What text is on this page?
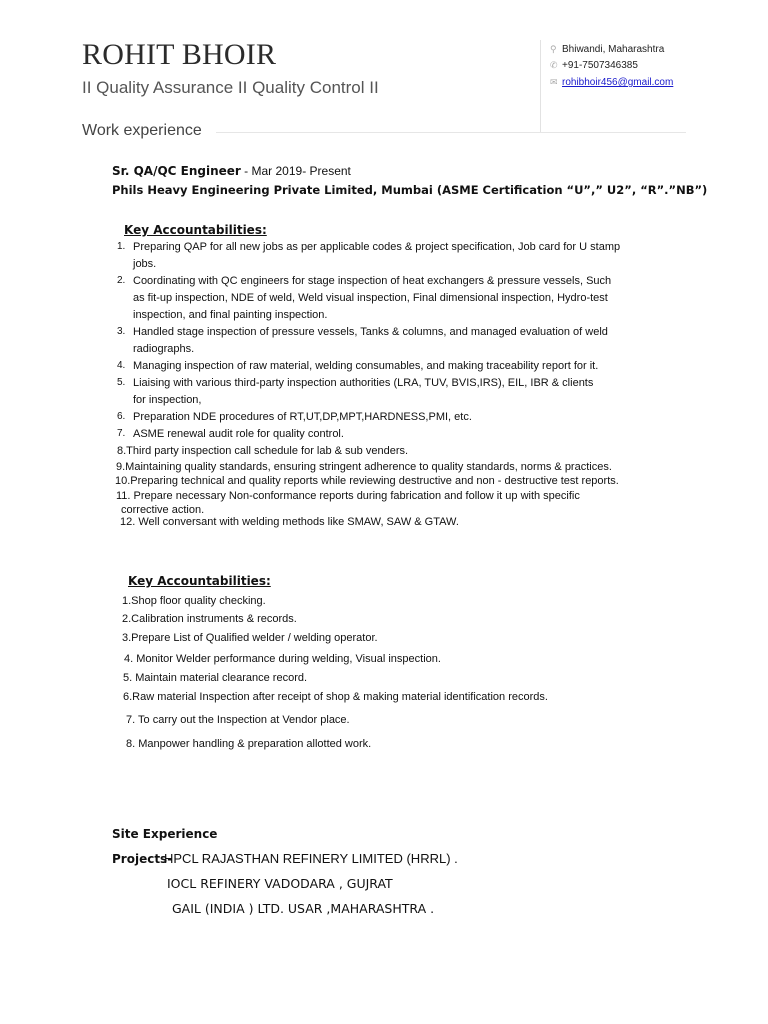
ROHIT BHOIR
II Quality Assurance II Quality Control II
⚲ Bhiwandi, Maharashtra
✆ +91-7507346385
✉ rohibhoir456@gmail.com
Work experience
Sr. QA/QC Engineer - Mar 2019- Present
Phils Heavy Engineering Private Limited, Mumbai (ASME Certification “U”,” U2”, “R”.”NB”)
Key Accountabilities:
1. Preparing QAP for all new jobs as per applicable codes & project specification, Job card for U stamp
jobs.
2. Coordinating with QC engineers for stage inspection of heat exchangers & pressure vessels, Such
as fit-up inspection, NDE of weld, Weld visual inspection, Final dimensional inspection, Hydro-test
inspection, and final painting inspection.
3. Handled stage inspection of pressure vessels, Tanks & columns, and managed evaluation of weld
radiographs.
4. Managing inspection of raw material, welding consumables, and making traceability report for it.
5. Liaising with various third-party inspection authorities (LRA, TUV, BVIS,IRS), EIL, IBR & clients
for inspection,
6. Preparation NDE procedures of RT,UT,DP,MPT,HARDNESS,PMI, etc.
7. ASME renewal audit role for quality control.
8.Third party inspection call schedule for lab & sub venders.
9.Maintaining quality standards, ensuring stringent adherence to quality standards, norms & practices.
10.Preparing technical and quality reports while reviewing destructive and non - destructive test reports.
11. Prepare necessary Non-conformance reports during fabrication and follow it up with specific
corrective action.
12. Well conversant with welding methods like SMAW, SAW & GTAW.
Key Accountabilities:
1.Shop floor quality checking.
2.Calibration instruments & records.
3.Prepare List of Qualified welder / welding operator.
4. Monitor Welder performance during welding, Visual inspection.
5. Maintain material clearance record.
6.Raw material Inspection after receipt of shop & making material identification records.
7. To carry out the Inspection at Vendor place.
8. Manpower handling & preparation allotted work.
Site Experience
Projects-
HPCL RAJASTHAN REFINERY LIMITED (HRRL) .
IOCL REFINERY VADODARA , GUJRAT
GAIL (INDIA ) LTD. USAR ,MAHARASHTRA .
